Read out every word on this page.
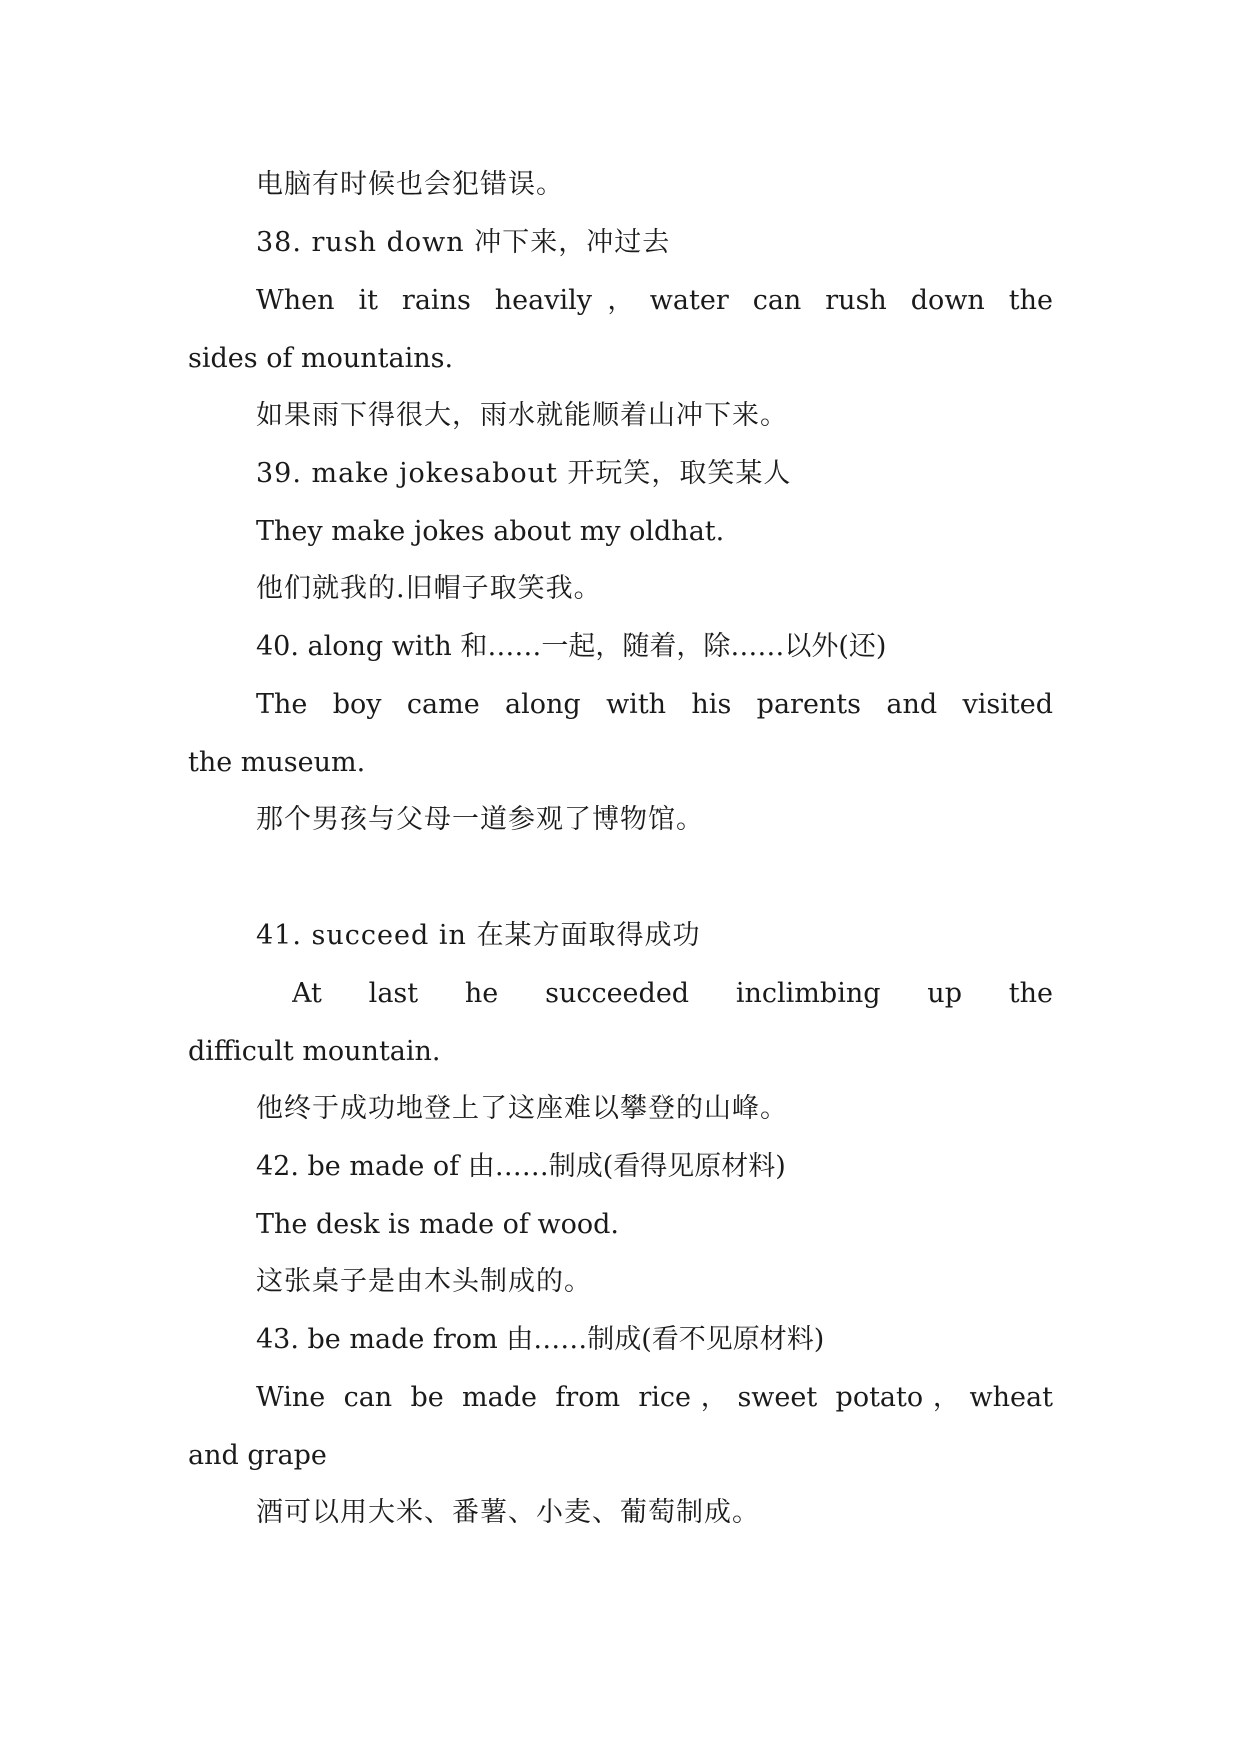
电脑有时候也会犯错误。
38. rush down 冲下来，冲过去
When it rains heavily，water can rush down the
sides of mountains.
如果雨下得很大，雨水就能顺着山冲下来。
39. make jokesabout 开玩笑，取笑某人
They make jokes about my oldhat.
他们就我的.旧帽子取笑我。
40. along with 和……一起，随着，除……以外(还)
The boy came along with his parents and visited
the museum.
那个男孩与父母一道参观了博物馆。
41. succeed in 在某方面取得成功
At last he succeeded inclimbing up the
difficult mountain.
他终于成功地登上了这座难以攀登的山峰。
42. be made of 由……制成(看得见原材料)
The desk is made of wood.
这张桌子是由木头制成的。
43. be made from 由……制成(看不见原材料)
Wine can be made from rice，sweet potato，wheat
and grape
酒可以用大米、番薯、小麦、葡萄制成。
